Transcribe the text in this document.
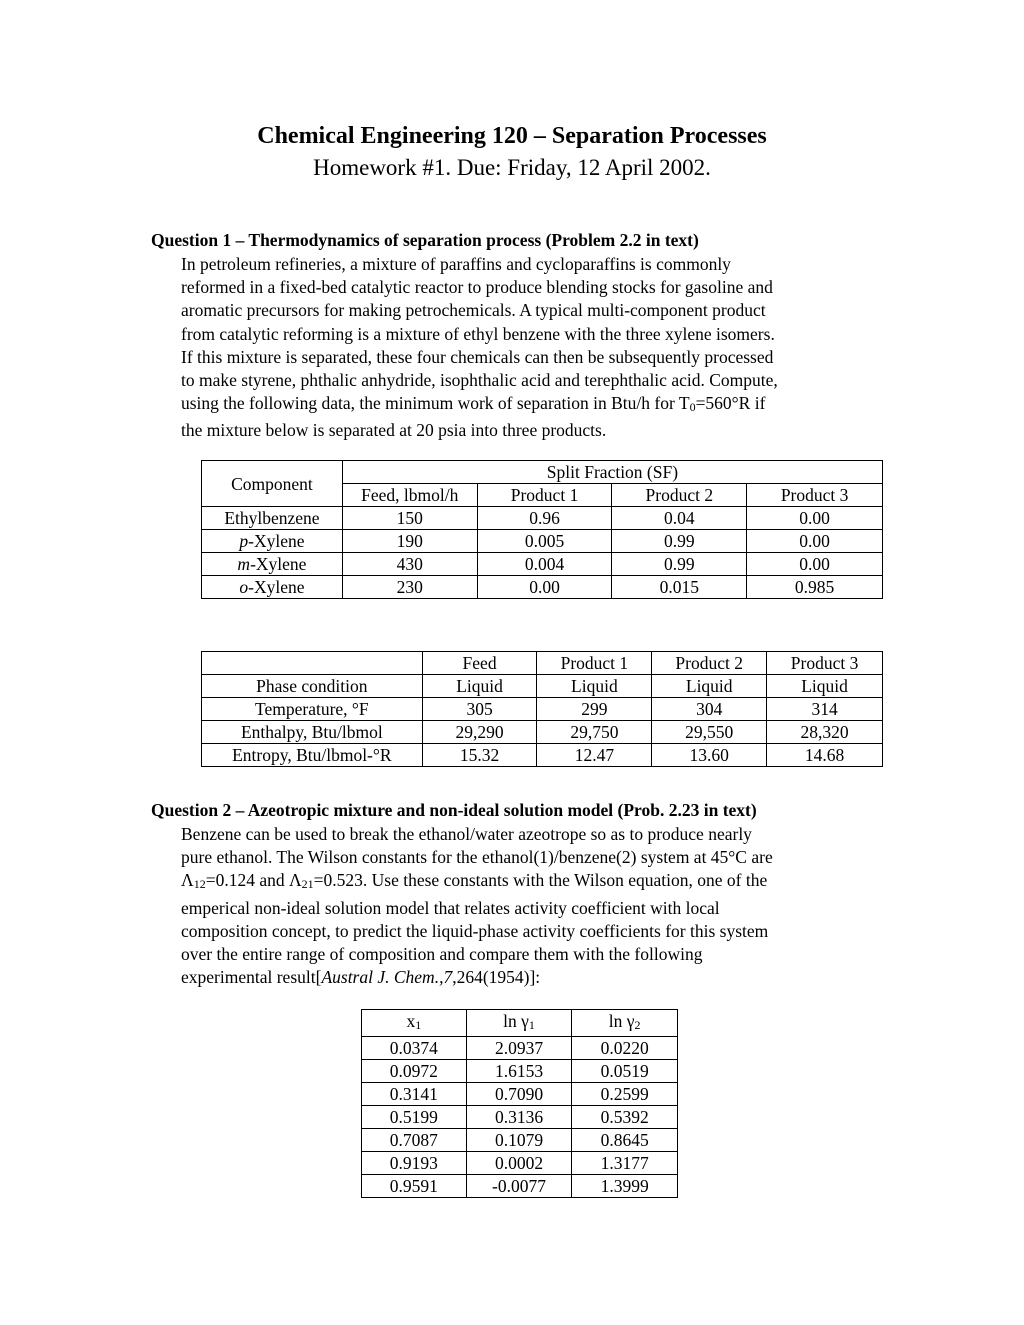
Chemical Engineering 120 – Separation Processes
Homework #1. Due: Friday, 12 April 2002.
Question 1 – Thermodynamics of separation process (Problem 2.2 in text)

In petroleum refineries, a mixture of paraffins and cycloparaffins is commonly

reformed in a fixed-bed catalytic reactor to produce blending stocks for gasoline and

aromatic precursors for making petrochemicals. A typical multi-component product

from catalytic reforming is a mixture of ethyl benzene with the three xylene isomers.

If this mixture is separated, these four chemicals can then be subsequently processed

to make styrene, phthalic anhydride, isophthalic acid and terephthalic acid. Compute,

using the following data, the minimum work of separation in Btu/h for T0=560°R if

the mixture below is separated at 20 psia into three products.

Component	Split Fraction (SF)			
	Feed, lbmol/h	Product 1	Product 2	Product 3
Ethylbenzene	150	0.96	0.04	0.00
p-Xylene	190	0.005	0.99	0.00
m-Xylene	430	0.004	0.99	0.00
o-Xylene	230	0.00	0.015	0.985
	Feed	Product 1	Product 2	Product 3
Phase condition	Liquid	Liquid	Liquid	Liquid
Temperature, °F	305	299	304	314
Enthalpy, Btu/lbmol	29,290	29,750	29,550	28,320
Entropy, Btu/lbmol-°R	15.32	12.47	13.60	14.68
Question 2 – Azeotropic mixture and non-ideal solution model (Prob. 2.23 in text)

Benzene can be used to break the ethanol/water azeotrope so as to produce nearly

pure ethanol. The Wilson constants for the ethanol(1)/benzene(2) system at 45°C are

Λ12=0.124 and Λ21=0.523. Use these constants with the Wilson equation, one of the

emperical non-ideal solution model that relates activity coefficient with local

composition concept, to predict the liquid-phase activity coefficients for this system

over the entire range of composition and compare them with the following

experimental result[Austral J. Chem.,7,264(1954)]:

x1	ln γ1	ln γ2
0.0374	2.0937	0.0220
0.0972	1.6153	0.0519
0.3141	0.7090	0.2599
0.5199	0.3136	0.5392
0.7087	0.1079	0.8645
0.9193	0.0002	1.3177
0.9591	-0.0077	1.3999
